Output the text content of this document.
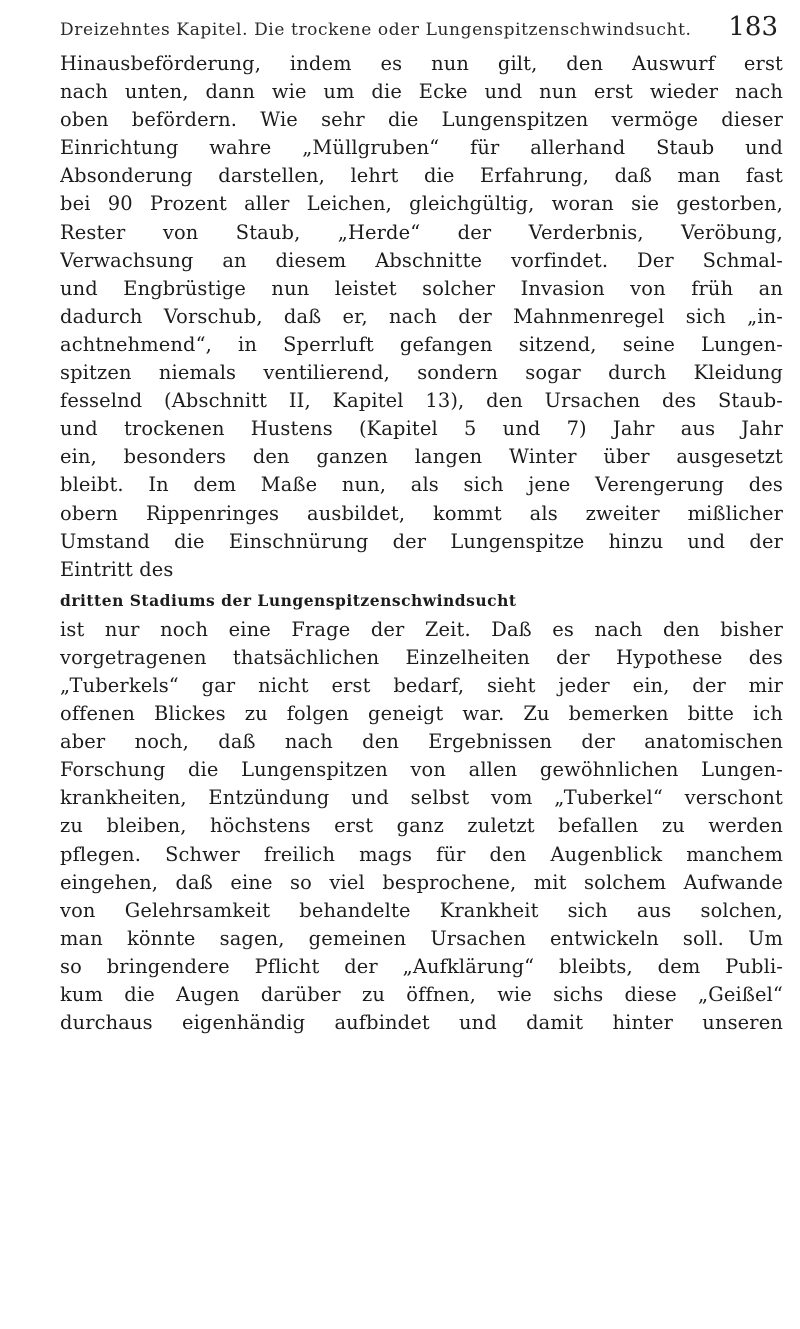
Dreizehntes Kapitel. Die trockene oder Lungenspitzenschwindsucht. 183
Hinausbeförderung, indem es nun gilt, den Auswurf erst
nach unten, dann wie um die Ecke und nun erst wieder nach
oben befördern. Wie sehr die Lungenspitzen vermöge dieser
Einrichtung wahre „Müllgruben“ für allerhand Staub und
Absonderung darstellen, lehrt die Erfahrung, daß man fast
bei 90 Prozent aller Leichen, gleichgültig, woran sie gestorben,
Rester von Staub, „Herde“ der Verderbnis, Veröbung,
Verwachsung an diesem Abschnitte vorfindet. Der Schmal-
und Engbrüstige nun leistet solcher Invasion von früh an
dadurch Vorschub, daß er, nach der Mahnmenregel sich „in-
achtnehmend“, in Sperrluft gefangen sitzend, seine Lungen-
spitzen niemals ventilierend, sondern sogar durch Kleidung
fesselnd (Abschnitt II, Kapitel 13), den Ursachen des Staub-
und trockenen Hustens (Kapitel 5 und 7) Jahr aus Jahr
ein, besonders den ganzen langen Winter über ausgesetzt
bleibt. In dem Maße nun, als sich jene Verengerung des
obern Rippenringes ausbildet, kommt als zweiter mißlicher
Umstand die Einschnürung der Lungenspitze hinzu und der
Eintritt des
dritten Stadiums der Lungenspitzenschwindsucht
ist nur noch eine Frage der Zeit. Daß es nach den bisher
vorgetragenen thatsächlichen Einzelheiten der Hypothese des
„Tuberkels“ gar nicht erst bedarf, sieht jeder ein, der mir
offenen Blickes zu folgen geneigt war. Zu bemerken bitte ich
aber noch, daß nach den Ergebnissen der anatomischen
Forschung die Lungenspitzen von allen gewöhnlichen Lungen-
krankheiten, Entzündung und selbst vom „Tuberkel“ verschont
zu bleiben, höchstens erst ganz zuletzt befallen zu werden
pflegen. Schwer freilich mags für den Augenblick manchem
eingehen, daß eine so viel besprochene, mit solchem Aufwande
von Gelehrsamkeit behandelte Krankheit sich aus solchen,
man könnte sagen, gemeinen Ursachen entwickeln soll. Um
so bringendere Pflicht der „Aufklärung“ bleibts, dem Publi-
kum die Augen darüber zu öffnen, wie sichs diese „Geißel“
durchaus eigenhändig aufbindet und damit hinter unseren
